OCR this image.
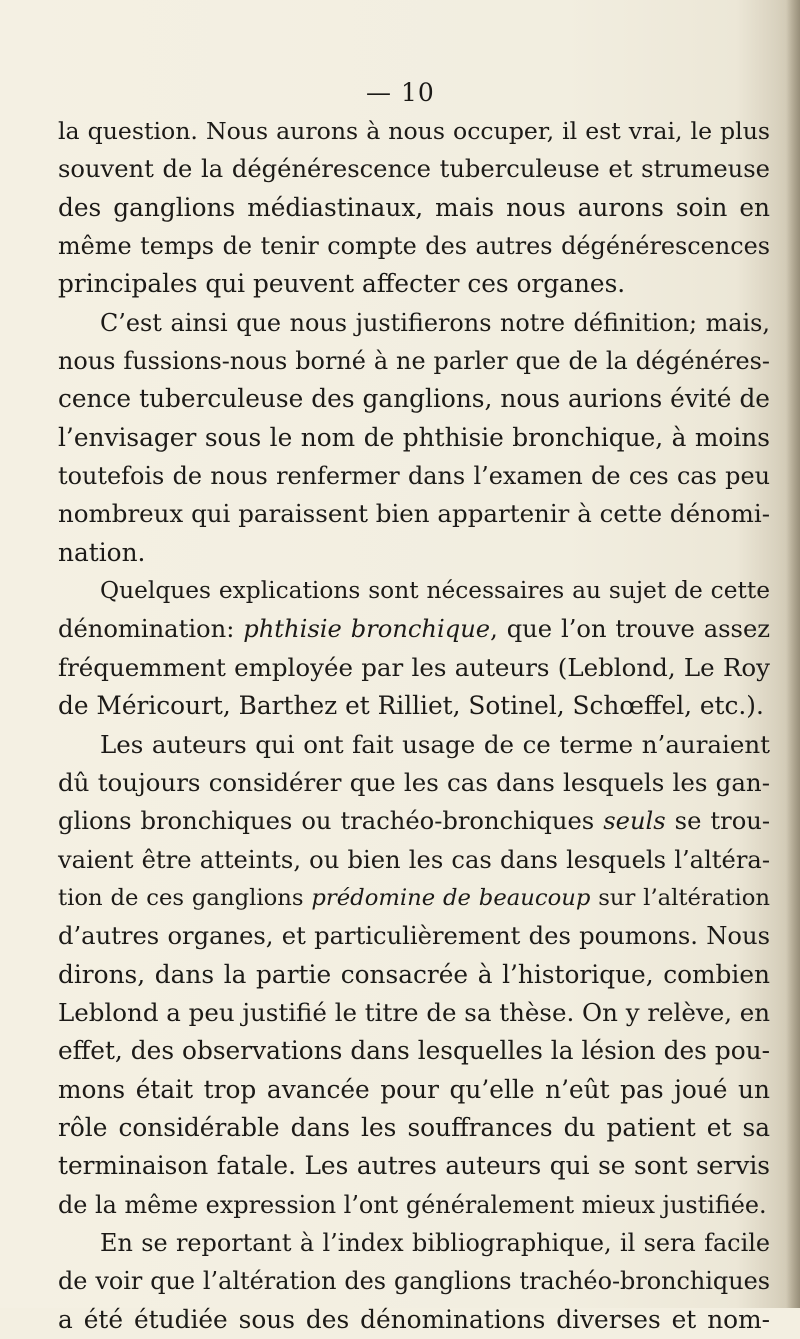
— 10
la question. Nous aurons à nous occuper, il est vrai, le plus
souvent de la dégénérescence tuberculeuse et strumeuse
des ganglions médiastinaux, mais nous aurons soin en
même temps de tenir compte des autres dégénérescences
principales qui peuvent affecter ces organes.
C’est ainsi que nous justifierons notre définition; mais,
nous fussions-nous borné à ne parler que de la dégénéres-
cence tuberculeuse des ganglions, nous aurions évité de
l’envisager sous le nom de phthisie bronchique, à moins
toutefois de nous renfermer dans l’examen de ces cas peu
nombreux qui paraissent bien appartenir à cette dénomi-
nation.
Quelques explications sont nécessaires au sujet de cette
dénomination: phthisie bronchique, que l’on trouve assez
fréquemment employée par les auteurs (Leblond, Le Roy
de Méricourt, Barthez et Rilliet, Sotinel, Schœffel, etc.).
Les auteurs qui ont fait usage de ce terme n’auraient
dû toujours considérer que les cas dans lesquels les gan-
glions bronchiques ou trachéo-bronchiques seuls se trou-
vaient être atteints, ou bien les cas dans lesquels l’altéra-
tion de ces ganglions prédomine de beaucoup sur l’altération
d’autres organes, et particulièrement des poumons. Nous
dirons, dans la partie consacrée à l’historique, combien
Leblond a peu justifié le titre de sa thèse. On y relève, en
effet, des observations dans lesquelles la lésion des pou-
mons était trop avancée pour qu’elle n’eût pas joué un
rôle considérable dans les souffrances du patient et sa
terminaison fatale. Les autres auteurs qui se sont servis
de la même expression l’ont généralement mieux justifiée.
En se reportant à l’index bibliographique, il sera facile
de voir que l’altération des ganglions trachéo-bronchiques
a été étudiée sous des dénominations diverses et nom-
